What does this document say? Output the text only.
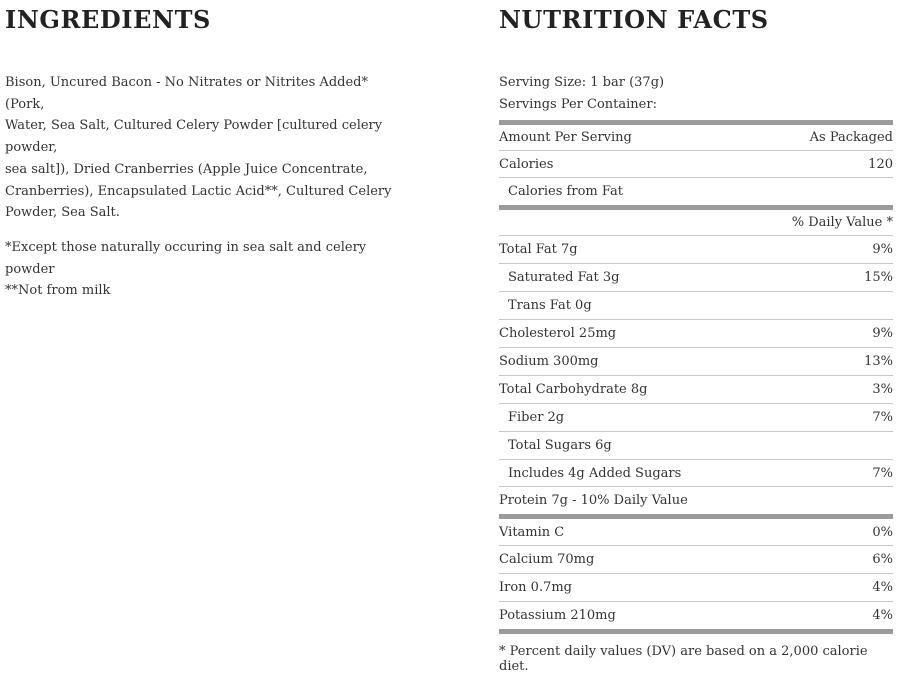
INGREDIENTS

Bison, Uncured Bacon - No Nitrates or Nitrites Added* (Pork,
Water, Sea Salt, Cultured Celery Powder [cultured celery powder,
sea salt]), Dried Cranberries (Apple Juice Concentrate,
Cranberries), Encapsulated Lactic Acid**, Cultured Celery
Powder, Sea Salt.

*Except those naturally occuring in sea salt and celery powder
**Not from milk
NUTRITION FACTS
Serving Size: 1 bar (37g)
Servings Per Container:
Amount Per Serving	As Packaged
Calories	120
Calories from Fat
% Daily Value *
Total Fat 7g	9%
Saturated Fat 3g	15%
Trans Fat 0g
Cholesterol 25mg	9%
Sodium 300mg	13%
Total Carbohydrate 8g	3%
Fiber 2g	7%
Total Sugars 6g
Includes 4g Added Sugars	7%
Protein 7g - 10% Daily Value
Vitamin C	0%
Calcium 70mg	6%
Iron 0.7mg	4%
Potassium 210mg	4%
* Percent daily values (DV) are based on a 2,000 calorie diet.
